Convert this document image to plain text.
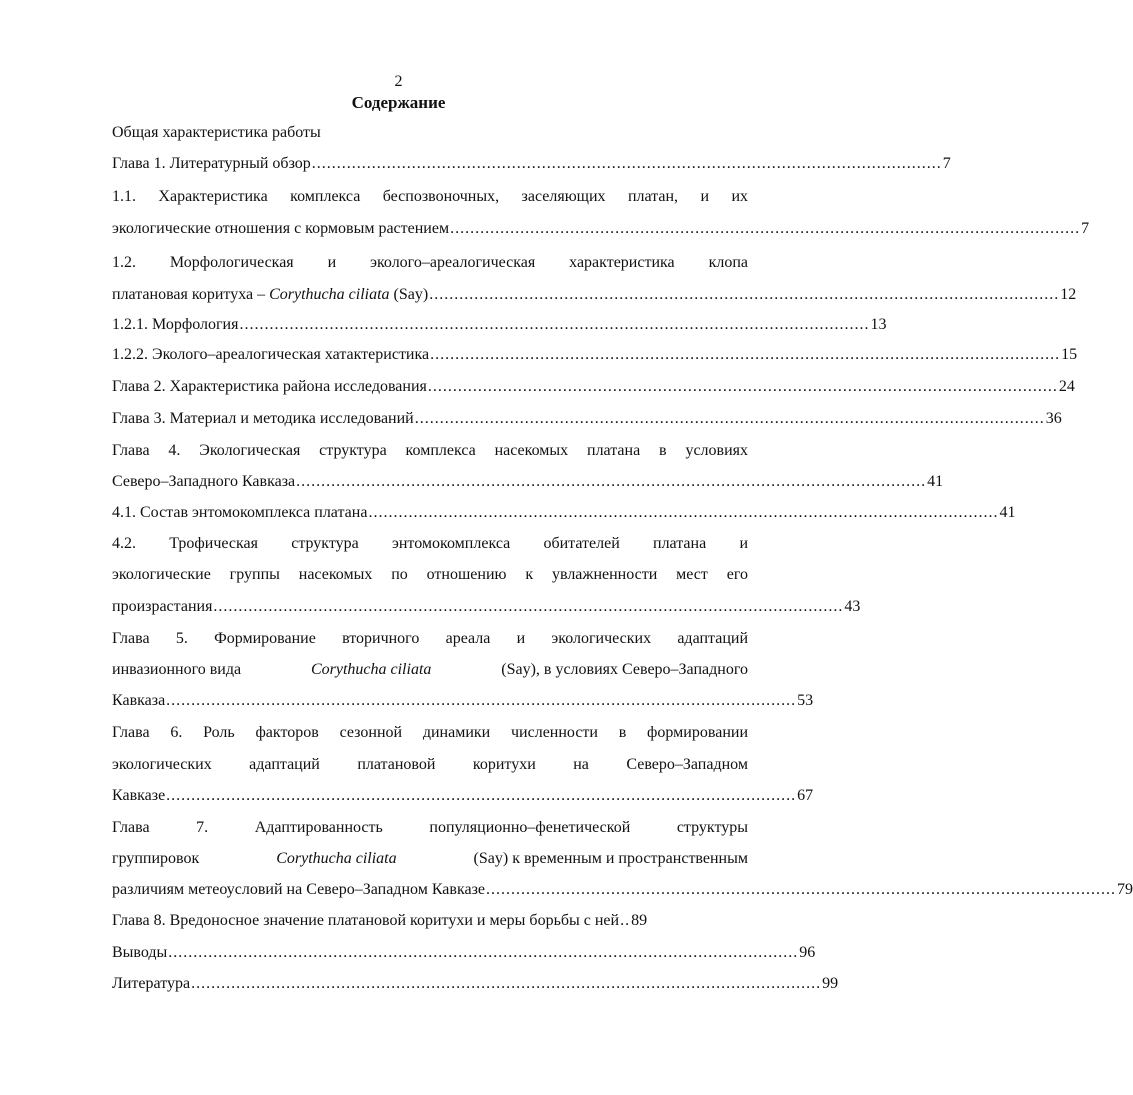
2
Содержание
Общая характеристика работы
Глава 1. Литературный обзор .............................................................................................................................. 7
1.1. Характеристика комплекса беспозвоночных, заселяющих платан, и их
экологические отношения с кормовым растением .............................................................................................................................. 7
1.2. Морфологическая и эколого–ареалогическая характеристика клопа
платановая коритуха – Corythucha ciliata (Say) .............................................................................................................................. 12
1.2.1. Морфология .............................................................................................................................. 13
1.2.2. Эколого–ареалогическая хатактеристика .............................................................................................................................. 15
Глава 2. Характеристика района исследования .............................................................................................................................. 24
Глава 3. Материал и методика исследований .............................................................................................................................. 36
Глава 4. Экологическая структура комплекса насекомых платана в условиях
Северо–Западного Кавказа .............................................................................................................................. 41
4.1. Состав энтомокомплекса платана .............................................................................................................................. 41
4.2. Трофическая структура энтомокомплекса обитателей платана и
экологические группы насекомых по отношению к увлажненности мест его
произрастания .............................................................................................................................. 43
Глава 5. Формирование вторичного ареала и экологических адаптаций
инвазионного вида	Corythucha ciliata	(Say), в условиях Северо–Западного
Кавказа .............................................................................................................................. 53
Глава 6. Роль факторов сезонной динамики численности в формировании
экологических адаптаций платановой коритухи на Северо–Западном
Кавказе .............................................................................................................................. 67
Глава 7. Адаптированность популяционно–фенетической структуры
группировок	Corythucha ciliata	(Say) к временным и пространственным
различиям метеоусловий на Северо–Западном Кавказе .............................................................................................................................. 79
Глава 8. Вредоносное значение платановой коритухи и меры борьбы с ней .. 89
Выводы .............................................................................................................................. 96
Литература .............................................................................................................................. 99
